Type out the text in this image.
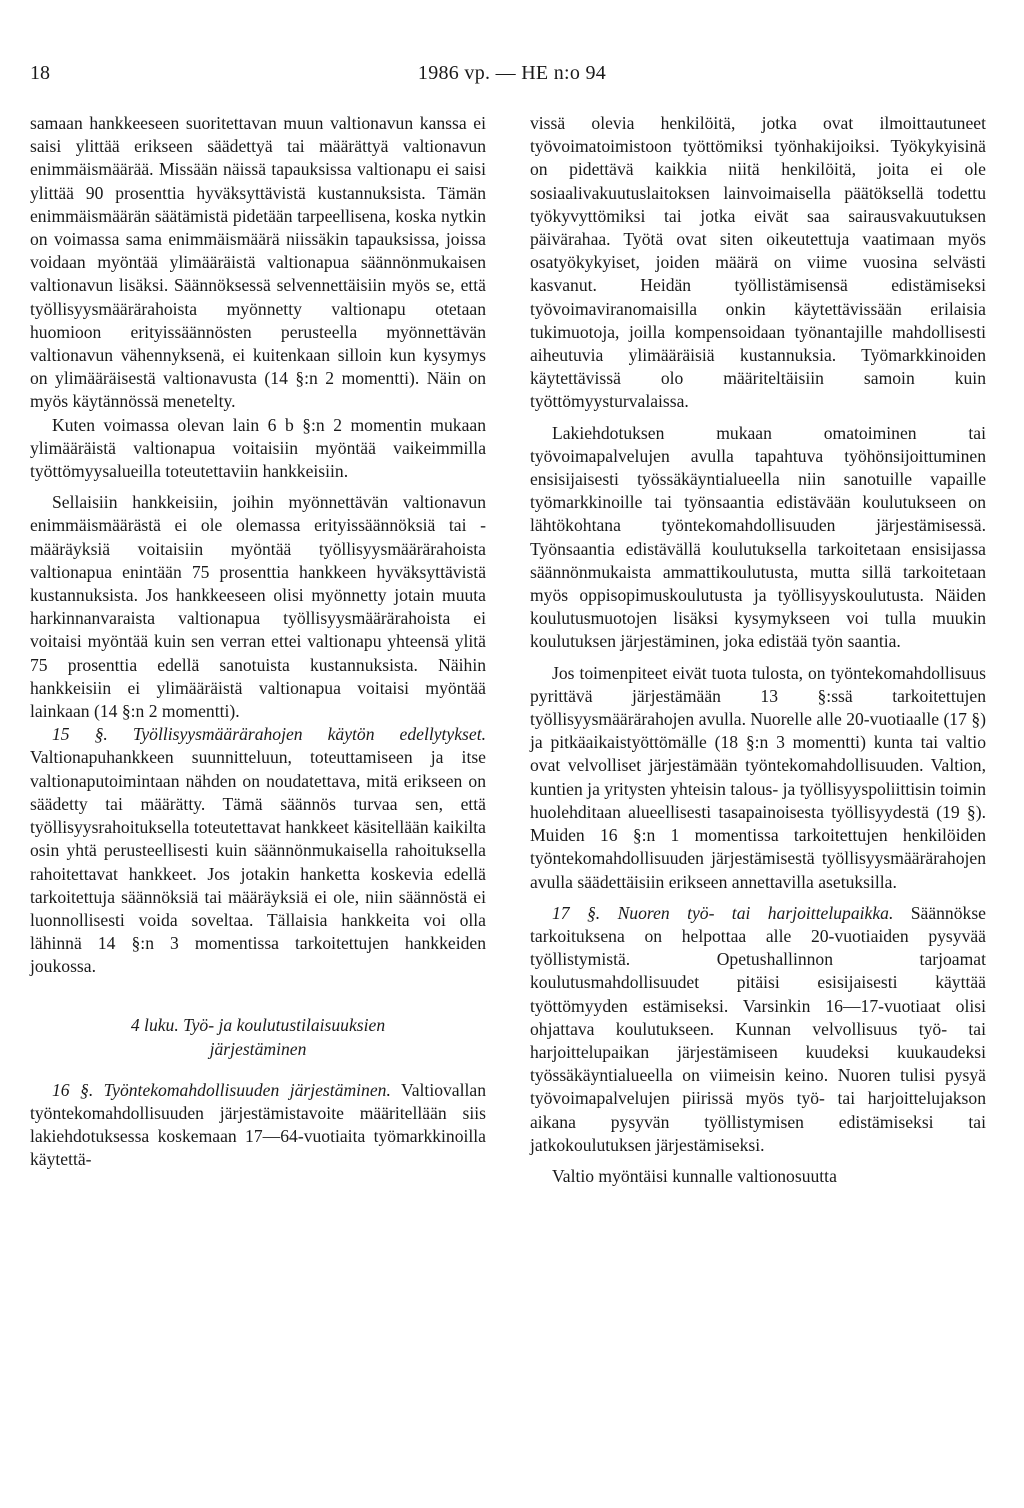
18	1986 vp. — HE n:o 94

samaan hankkeeseen suoritettavan muun valtionavun kanssa ei saisi ylittää erikseen säädettyä tai määrättyä valtionavun enimmäismäärää. Missään näissä tapauksissa valtionapu ei saisi ylittää 90 prosenttia hyväksyttävistä kustannuksista. Tämän enimmäismäärän säätämistä pidetään tarpeellisena, koska nytkin on voimassa sama enimmäismäärä niissäkin tapauksissa, joissa voidaan myöntää ylimääräistä valtionapua säännönmukaisen valtionavun lisäksi. Säännöksessä selvennettäisiin myös se, että työllisyysmäärärahoista myönnetty valtionapu otetaan huomioon erityissäännösten perusteella myönnettävän valtionavun vähennyksenä, ei kuitenkaan silloin kun kysymys on ylimääräisestä valtionavusta (14 §:n 2 momentti). Näin on myös käytännössä menetelty.

Kuten voimassa olevan lain 6 b §:n 2 momentin mukaan ylimääräistä valtionapua voitaisiin myöntää vaikeimmilla työttömyysalueilla toteutettaviin hankkeisiin.

Sellaisiin hankkeisiin, joihin myönnettävän valtionavun enimmäismäärästä ei ole olemassa erityissäännöksiä tai -määräyksiä voitaisiin myöntää työllisyysmäärärahoista valtionapua enintään 75 prosenttia hankkeen hyväksyttävistä kustannuksista. Jos hankkeeseen olisi myönnetty jotain muuta harkinnanvaraista valtionapua työllisyysmäärärahoista ei voitaisi myöntää kuin sen verran ettei valtionapu yhteensä ylitä 75 prosenttia edellä sanotuista kustannuksista. Näihin hankkeisiin ei ylimääräistä valtionapua voitaisi myöntää lainkaan (14 §:n 2 momentti).

15 §. Työllisyysmäärärahojen käytön edellytykset. Valtionapuhankkeen suunnitteluun, toteuttamiseen ja itse valtionaputoimintaan nähden on noudatettava, mitä erikseen on säädetty tai määrätty. Tämä säännös turvaa sen, että työllisyysrahoituksella toteutettavat hankkeet käsitellään kaikilta osin yhtä perusteellisesti kuin säännönmukaisella rahoituksella rahoitettavat hankkeet. Jos jotakin hanketta koskevia edellä tarkoitettuja säännöksiä tai määräyksiä ei ole, niin säännöstä ei luonnollisesti voida soveltaa. Tällaisia hankkeita voi olla lähinnä 14 §:n 3 momentissa tarkoitettujen hankkeiden joukossa.

4 luku. Työ- ja koulutustilaisuuksien
järjestäminen

16 §. Työntekomahdollisuuden järjestäminen. Valtiovallan työntekomahdollisuuden järjestämistavoite määritellään siis lakiehdotuksessa koskemaan 17—64-vuotiaita työmarkkinoilla käytettä-

vissä olevia henkilöitä, jotka ovat ilmoittautuneet työvoimatoimistoon työttömiksi työnhakijoiksi. Työkykyisinä on pidettävä kaikkia niitä henkilöitä, joita ei ole sosiaalivakuutuslaitoksen lainvoimaisella päätöksellä todettu työkyvyttömiksi tai jotka eivät saa sairausvakuutuksen päivärahaa. Työtä ovat siten oikeutettuja vaatimaan myös osatyökykyiset, joiden määrä on viime vuosina selvästi kasvanut. Heidän työllistämisensä edistämiseksi työvoimaviranomaisilla onkin käytettävissään erilaisia tukimuotoja, joilla kompensoidaan työnantajille mahdollisesti aiheutuvia ylimääräisiä kustannuksia. Työmarkkinoiden käytettävissä olo määriteltäisiin samoin kuin työttömyysturvalaissa.

Lakiehdotuksen mukaan omatoiminen tai työvoimapalvelujen avulla tapahtuva työhönsijoittuminen ensisijaisesti työssäkäyntialueella niin sanotuille vapaille työmarkkinoille tai työnsaantia edistävään koulutukseen on lähtökohtana työntekomahdollisuuden järjestämisessä. Työnsaantia edistävällä koulutuksella tarkoitetaan ensisijassa säännönmukaista ammattikoulutusta, mutta sillä tarkoitetaan myös oppisopimuskoulutusta ja työllisyyskoulutusta. Näiden koulutusmuotojen lisäksi kysymykseen voi tulla muukin koulutuksen järjestäminen, joka edistää työn saantia.

Jos toimenpiteet eivät tuota tulosta, on työntekomahdollisuus pyrittävä järjestämään 13 §:ssä tarkoitettujen työllisyysmäärärahojen avulla. Nuorelle alle 20-vuotiaalle (17 §) ja pitkäaikaistyöttömälle (18 §:n 3 momentti) kunta tai valtio ovat velvolliset järjestämään työntekomahdollisuuden. Valtion, kuntien ja yritysten yhteisin talous- ja työllisyyspoliittisin toimin huolehditaan alueellisesti tasapainoisesta työllisyydestä (19 §). Muiden 16 §:n 1 momentissa tarkoitettujen henkilöiden työntekomahdollisuuden järjestämisestä työllisyysmäärärahojen avulla säädettäisiin erikseen annettavilla asetuksilla.

17 §. Nuoren työ- tai harjoittelupaikka. Säännökse tarkoituksena on helpottaa alle 20-vuotiaiden pysyvää työllistymistä. Opetushallinnon tarjoamat koulutusmahdollisuudet pitäisi esisijaisesti käyttää työttömyyden estämiseksi. Varsinkin 16—17-vuotiaat olisi ohjattava koulutukseen. Kunnan velvollisuus työ- tai harjoittelupaikan järjestämiseen kuudeksi kuukaudeksi työssäkäyntialueella on viimeisin keino. Nuoren tulisi pysyä työvoimapalvelujen piirissä myös työ- tai harjoittelujakson aikana pysyvän työllistymisen edistämiseksi tai jatkokoulutuksen järjestämiseksi.

Valtio myöntäisi kunnalle valtionosuutta
